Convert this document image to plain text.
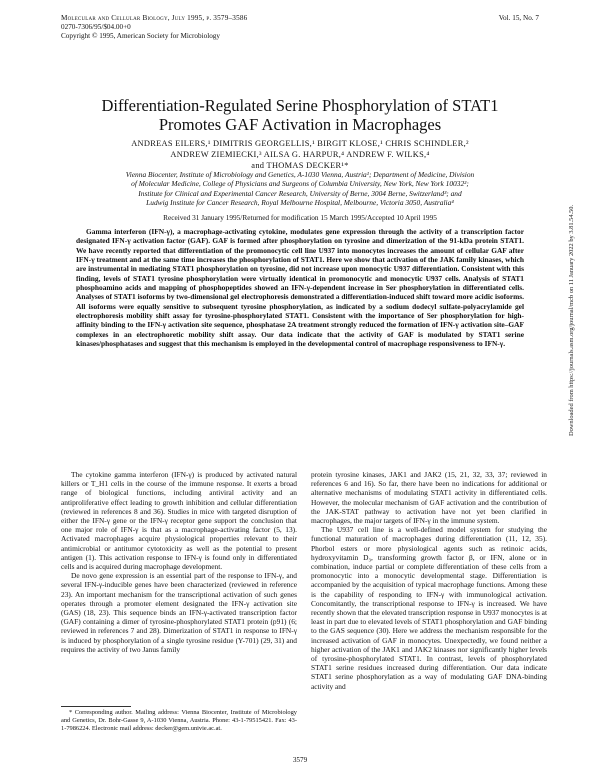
Molecular and Cellular Biology, July 1995, p. 3579–3586
0270-7306/95/$04.00+0
Copyright © 1995, American Society for Microbiology
Vol. 15, No. 7
Differentiation-Regulated Serine Phosphorylation of STAT1
Promotes GAF Activation in Macrophages
ANDREAS EILERS,¹ DIMITRIS GEORGELLIS,¹ BIRGIT KLOSE,¹ CHRIS SCHINDLER,²
ANDREW ZIEMIECKI,³ AILSA G. HARPUR,⁴ ANDREW F. WILKS,⁴
and THOMAS DECKER¹*
Vienna Biocenter, Institute of Microbiology and Genetics, A-1030 Vienna, Austria¹; Department of Medicine, Division
of Molecular Medicine, College of Physicians and Surgeons of Columbia University, New York, New York 10032²;
Institute for Clinical and Experimental Cancer Research, University of Berne, 3004 Berne, Switzerland³; and
Ludwig Institute for Cancer Research, Royal Melbourne Hospital, Melbourne, Victoria 3050, Australia⁴
Received 31 January 1995/Returned for modification 15 March 1995/Accepted 10 April 1995
Gamma interferon (IFN-γ), a macrophage-activating cytokine, modulates gene expression through the activity of a transcription factor designated IFN-γ activation factor (GAF). GAF is formed after phosphorylation on tyrosine and dimerization of the 91-kDa protein STAT1. We have recently reported that differentiation of the promonocytic cell line U937 into monocytes increases the amount of cellular GAF after IFN-γ treatment and at the same time increases the phosphorylation of STAT1. Here we show that activation of the JAK family kinases, which are instrumental in mediating STAT1 phosphorylation on tyrosine, did not increase upon monocytic U937 differentiation. Consistent with this finding, levels of STAT1 tyrosine phosphorylation were virtually identical in promonocytic and monocytic U937 cells. Analysis of STAT1 phosphoamino acids and mapping of phosphopeptides showed an IFN-γ-dependent increase in Ser phosphorylation in differentiated cells. Analyses of STAT1 isoforms by two-dimensional gel electrophoresis demonstrated a differentiation-induced shift toward more acidic isoforms. All isoforms were equally sensitive to subsequent tyrosine phosphorylation, as indicated by a sodium dodecyl sulfate-polyacrylamide gel electrophoresis mobility shift assay for tyrosine-phosphorylated STAT1. Consistent with the importance of Ser phosphorylation for high-affinity binding to the IFN-γ activation site sequence, phosphatase 2A treatment strongly reduced the formation of IFN-γ activation site–GAF complexes in an electrophoretic mobility shift assay. Our data indicate that the activity of GAF is modulated by STAT1 serine kinases/phosphatases and suggest that this mechanism is employed in the developmental control of macrophage responsiveness to IFN-γ.

The cytokine gamma interferon (IFN-γ) is produced by activated natural killers or T_H1 cells in the course of the immune response. It exerts a broad range of biological functions, including antiviral activity and an antiproliferative effect leading to growth inhibition and cellular differentiation (reviewed in references 8 and 36). Studies in mice with targeted disruption of either the IFN-γ gene or the IFN-γ receptor gene support the conclusion that one major role of IFN-γ is that as a macrophage-activating factor (5, 13). Activated macrophages acquire physiological properties relevant to their antimicrobial or antitumor cytotoxicity as well as the potential to present antigen (1). This activation response to IFN-γ is found only in differentiated cells and is acquired during macrophage development.

De novo gene expression is an essential part of the response to IFN-γ, and several IFN-γ-inducible genes have been characterized (reviewed in reference 23). An important mechanism for the transcriptional activation of such genes operates through a promoter element designated the IFN-γ activation site (GAS) (18, 23). This sequence binds an IFN-γ-activated transcription factor (GAF) containing a dimer of tyrosine-phosphorylated STAT1 protein (p91) (6; reviewed in references 7 and 28). Dimerization of STAT1 in response to IFN-γ is induced by phosphorylation of a single tyrosine residue (Y-701) (29, 31) and requires the activity of two Janus family

protein tyrosine kinases, JAK1 and JAK2 (15, 21, 32, 33, 37; reviewed in references 6 and 16). So far, there have been no indications for additional or alternative mechanisms of modulating STAT1 activity in differentiated cells. However, the molecular mechanism of GAF activation and the contribution of the JAK-STAT pathway to activation have not yet been clarified in macrophages, the major targets of IFN-γ in the immune system.

The U937 cell line is a well-defined model system for studying the functional maturation of macrophages during differentiation (11, 12, 35). Phorbol esters or more physiological agents such as retinoic acids, hydroxyvitamin D₃, transforming growth factor β, or IFN, alone or in combination, induce partial or complete differentiation of these cells from a promonocytic into a monocytic developmental stage. Differentiation is accompanied by the acquisition of typical macrophage functions. Among these is the capability of responding to IFN-γ with immunological activation. Concomitantly, the transcriptional response to IFN-γ is increased. We have recently shown that the elevated transcription response in U937 monocytes is at least in part due to elevated levels of STAT1 phosphorylation and GAF binding to the GAS sequence (30). Here we address the mechanism responsible for the increased activation of GAF in monocytes. Unexpectedly, we found neither a higher activation of the JAK1 and JAK2 kinases nor significantly higher levels of tyrosine-phosphorylated STAT1. In contrast, levels of phosphorylated STAT1 serine residues increased during differentiation. Our data indicate STAT1 serine phosphorylation as a way of modulating GAF DNA-binding activity and

* Corresponding author. Mailing address: Vienna Biocenter, Institute of Microbiology and Genetics, Dr. Bohr-Gasse 9, A-1030 Vienna, Austria. Phone: 43-1-79515421. Fax: 43-1-7986224. Electronic mail address: decker@gem.univie.ac.at.
3579
Downloaded from https://journals.asm.org/journal/mcb on 11 January 2022 by 3.81.54.50.
